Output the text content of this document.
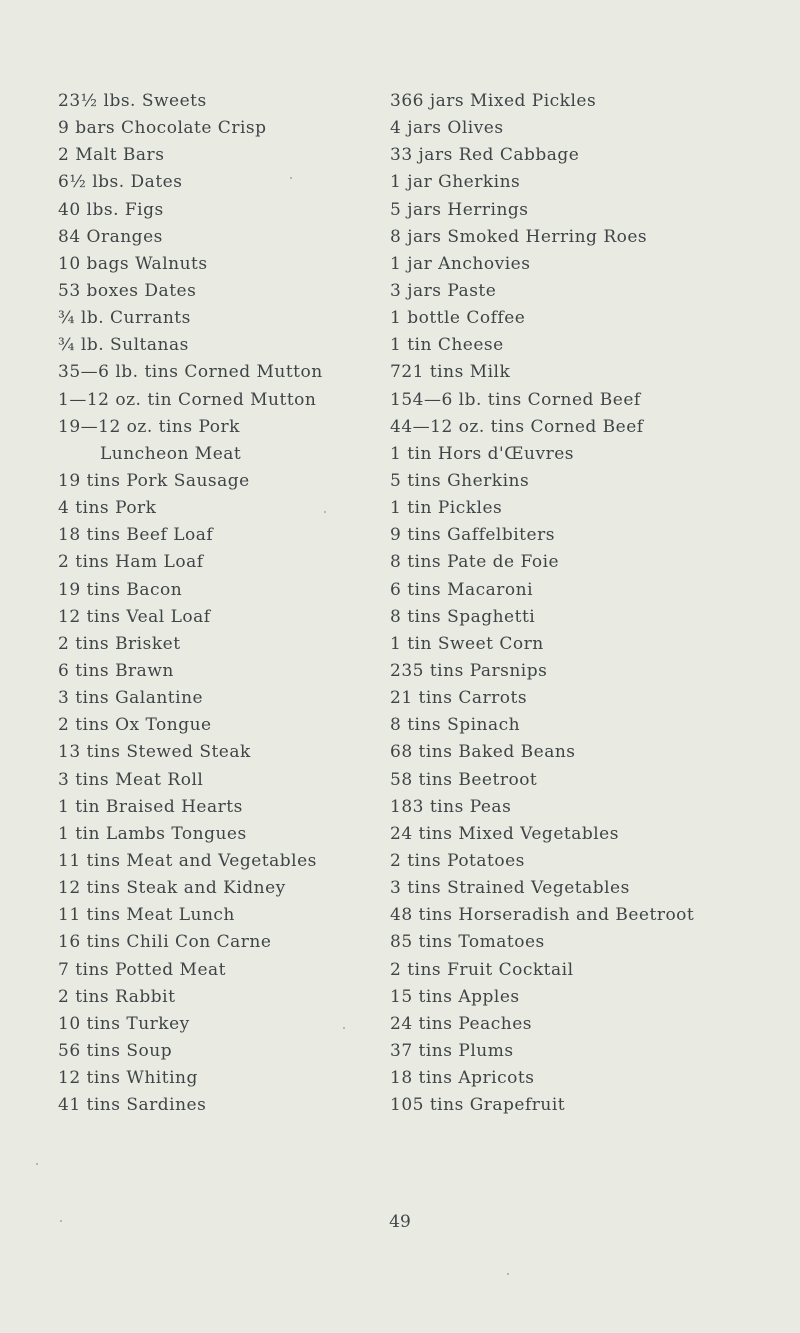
23½ lbs. Sweets
9 bars Chocolate Crisp
2 Malt Bars
6½ lbs. Dates
40 lbs. Figs
84 Oranges
10 bags Walnuts
53 boxes Dates
¾ lb. Currants
¾ lb. Sultanas
35—6 lb. tins Corned Mutton
1—12 oz. tin Corned Mutton
19—12 oz. tins Pork
Luncheon Meat
19 tins Pork Sausage
4 tins Pork
18 tins Beef Loaf
2 tins Ham Loaf
19 tins Bacon
12 tins Veal Loaf
2 tins Brisket
6 tins Brawn
3 tins Galantine
2 tins Ox Tongue
13 tins Stewed Steak
3 tins Meat Roll
1 tin Braised Hearts
1 tin Lambs Tongues
11 tins Meat and Vegetables
12 tins Steak and Kidney
11 tins Meat Lunch
16 tins Chili Con Carne
7 tins Potted Meat
2 tins Rabbit
10 tins Turkey
56 tins Soup
12 tins Whiting
41 tins Sardines
366 jars Mixed Pickles
4 jars Olives
33 jars Red Cabbage
1 jar Gherkins
5 jars Herrings
8 jars Smoked Herring Roes
1 jar Anchovies
3 jars Paste
1 bottle Coffee
1 tin Cheese
721 tins Milk
154—6 lb. tins Corned Beef
44—12 oz. tins Corned Beef
1 tin Hors d'Œuvres
5 tins Gherkins
1 tin Pickles
9 tins Gaffelbiters
8 tins Pate de Foie
6 tins Macaroni
8 tins Spaghetti
1 tin Sweet Corn
235 tins Parsnips
21 tins Carrots
8 tins Spinach
68 tins Baked Beans
58 tins Beetroot
183 tins Peas
24 tins Mixed Vegetables
2 tins Potatoes
3 tins Strained Vegetables
48 tins Horseradish and Beetroot
85 tins Tomatoes
2 tins Fruit Cocktail
15 tins Apples
24 tins Peaches
37 tins Plums
18 tins Apricots
105 tins Grapefruit
49
